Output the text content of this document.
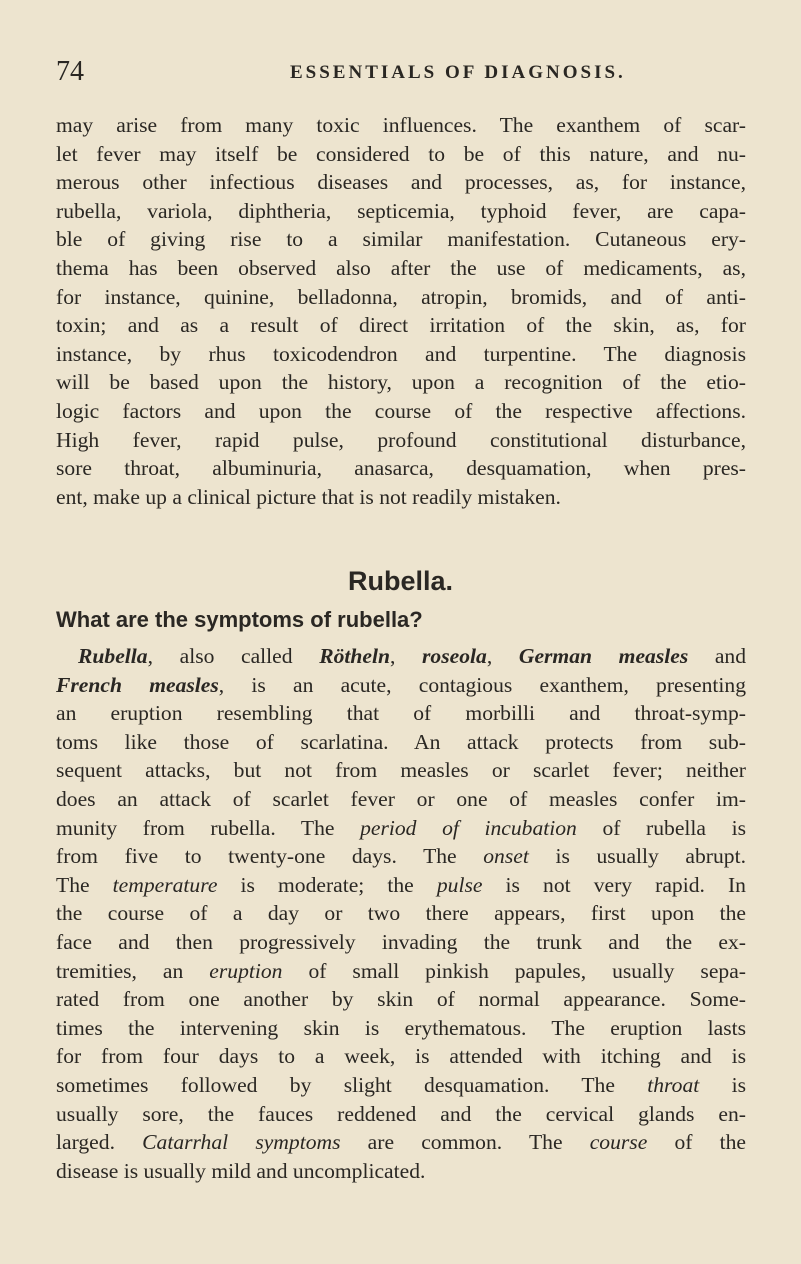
74	ESSENTIALS OF DIAGNOSIS.
may arise from many toxic influences. The exanthem of scar-
let fever may itself be considered to be of this nature, and nu-
merous other infectious diseases and processes, as, for instance,
rubella, variola, diphtheria, septicemia, typhoid fever, are capa-
ble of giving rise to a similar manifestation. Cutaneous ery-
thema has been observed also after the use of medicaments, as,
for instance, quinine, belladonna, atropin, bromids, and of anti-
toxin; and as a result of direct irritation of the skin, as, for
instance, by rhus toxicodendron and turpentine. The diagnosis
will be based upon the history, upon a recognition of the etio-
logic factors and upon the course of the respective affections.
High fever, rapid pulse, profound constitutional disturbance,
sore throat, albuminuria, anasarca, desquamation, when pres-
ent, make up a clinical picture that is not readily mistaken.
Rubella.
What are the symptoms of rubella?
Rubella, also called Rötheln, roseola, German measles and
French measles, is an acute, contagious exanthem, presenting
an eruption resembling that of morbilli and throat-symp-
toms like those of scarlatina. An attack protects from sub-
sequent attacks, but not from measles or scarlet fever; neither
does an attack of scarlet fever or one of measles confer im-
munity from rubella. The period of incubation of rubella is
from five to twenty-one days. The onset is usually abrupt.
The temperature is moderate; the pulse is not very rapid. In
the course of a day or two there appears, first upon the
face and then progressively invading the trunk and the ex-
tremities, an eruption of small pinkish papules, usually sepa-
rated from one another by skin of normal appearance. Some-
times the intervening skin is erythematous. The eruption lasts
for from four days to a week, is attended with itching and is
sometimes followed by slight desquamation. The throat is
usually sore, the fauces reddened and the cervical glands en-
larged. Catarrhal symptoms are common. The course of the
disease is usually mild and uncomplicated.
